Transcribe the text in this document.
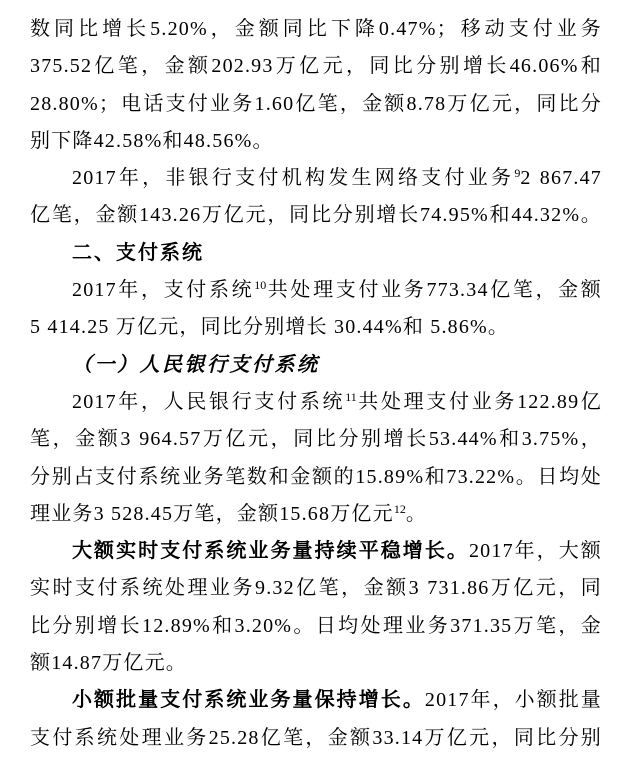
数同比增长5.20%，金额同比下降0.47%；移动支付业务
375.52亿笔，金额202.93万亿元，同比分别增长46.06%和
28.80%；电话支付业务1.60亿笔，金额8.78万亿元，同比分
别下降42.58%和48.56%。
2017年，非银行支付机构发生网络支付业务$^9$2 867.47
亿笔，金额143.26万亿元，同比分别增长74.95%和44.32%。
二、支付系统
2017年，支付系统$^{10}$共处理支付业务773.34亿笔，金额
5 414.25 万亿元，同比分别增长 30.44%和 5.86%。
（一）人民银行支付系统
2017年，人民银行支付系统$^{11}$共处理支付业务122.89亿
笔，金额3 964.57万亿元，同比分别增长53.44%和3.75%，
分别占支付系统业务笔数和金额的15.89%和73.22%。日均处
理业务3 528.45万笔，金额15.68万亿元$^{12}$。
大额实时支付系统业务量持续平稳增长。2017年，大额
实时支付系统处理业务9.32亿笔，金额3 731.86万亿元，同
比分别增长12.89%和3.20%。日均处理业务371.35万笔，金
额14.87万亿元。
小额批量支付系统业务量保持增长。2017年，小额批量
支付系统处理业务25.28亿笔，金额33.14万亿元，同比分别
